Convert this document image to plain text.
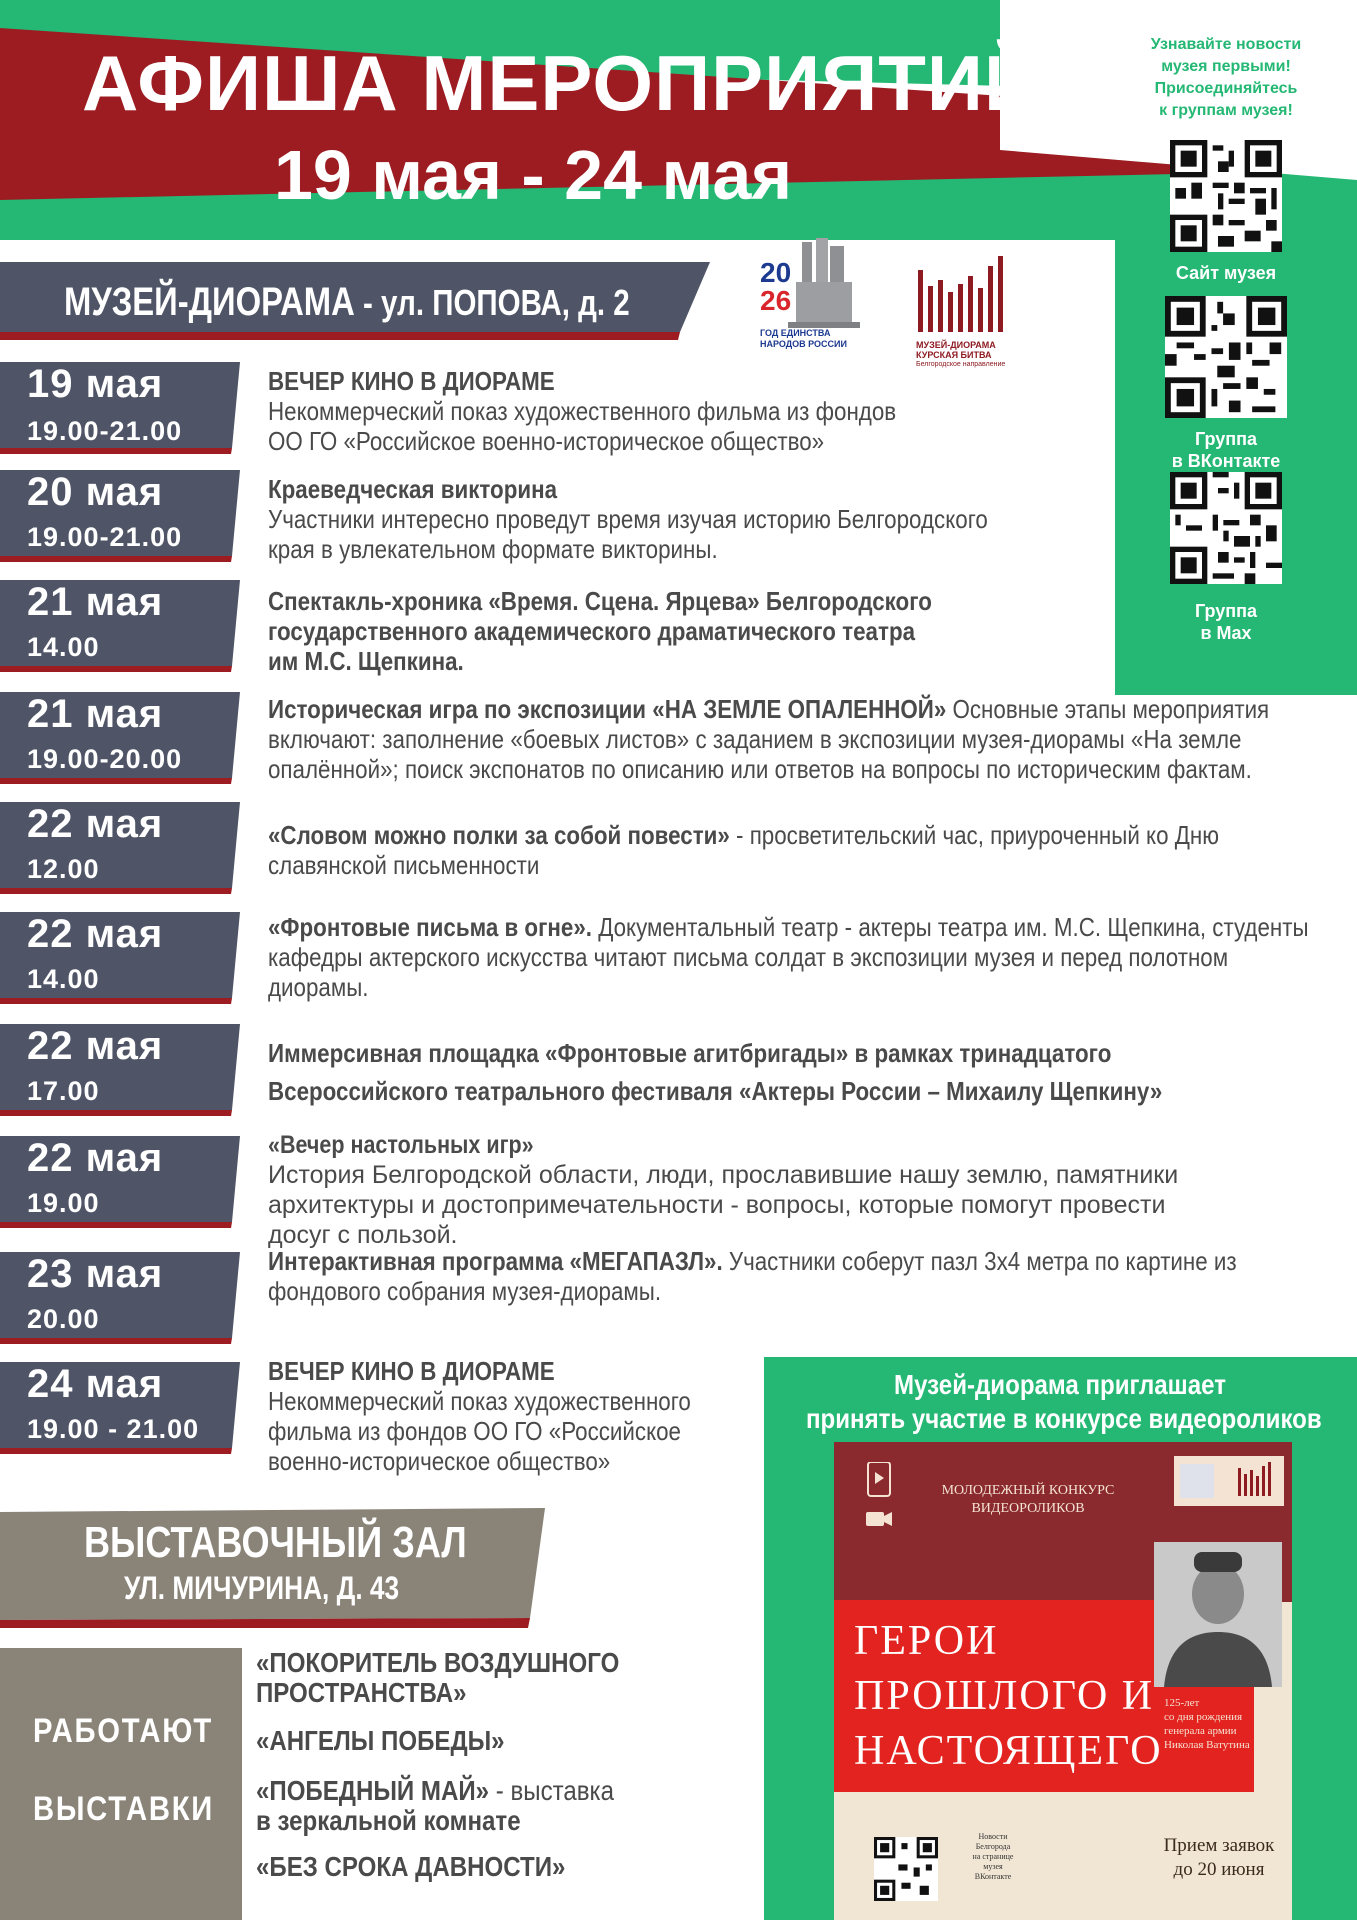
АФИША МЕРОПРИЯТИЙ
19 мая - 24 мая
Узнавайте новости
музея первыми!
Присоединяйтесь
к группам музея!
Сайт музея
Группа
в ВКонтакте
Группа
в Max
МУЗЕЙ-ДИОРАМА - ул. ПОПОВА, д. 2
20
26
ГОД ЕДИНСТВА
НАРОДОВ РОССИИ	МУЗЕЙ-ДИОРАМА
КУРСКАЯ БИТВА
Белгородское направление
19 мая
19.00-21.00
ВЕЧЕР КИНО В ДИОРАМЕ
Некоммерческий показ художественного фильма из фондов
ОО ГО «Российское военно-историческое общество»
20 мая
19.00-21.00
Краеведческая викторина
Участники интересно проведут время изучая историю Белгородского
края в увлекательном формате викторины.
21 мая
14.00
Спектакль-хроника «Время. Сцена. Ярцева» Белгородского
государственного академического драматического театра
им М.С. Щепкина.
21 мая
19.00-20.00
Историческая игра по экспозиции «НА ЗЕМЛЕ ОПАЛЕННОЙ» Основные этапы мероприятия
включают: заполнение «боевых листов» с заданием в экспозиции музея-диорамы «На земле
опалённой»; поиск экспонатов по описанию или ответов на вопросы по историческим фактам.
22 мая
12.00
«Словом можно полки за собой повести» - просветительский час, приуроченный ко Дню
славянской письменности
22 мая
14.00
«Фронтовые письма в огне». Документальный театр - актеры театра им. М.С. Щепкина, студенты
кафедры актерского искусства читают письма солдат в экспозиции музея и перед полотном
диорамы.
22 мая
17.00
Иммерсивная площадка «Фронтовые агитбригады» в рамках тринадцатого
Всероссийского театрального фестиваля «Актеры России – Михаилу Щепкину»
22 мая
19.00
«Вечер настольных игр»
История Белгородской области, люди, прославившие нашу землю, памятники
архитектуры и достопримечательности - вопросы, которые помогут провести
досуг с пользой.
23 мая
20.00
Интерактивная программа «МЕГАПАЗЛ». Участники соберут пазл 3х4 метра по картине из
фондового собрания музея-диорамы.
24 мая
19.00 - 21.00
ВЕЧЕР КИНО В ДИОРАМЕ
Некоммерческий показ художественного
фильма из фондов ОО ГО «Российское
военно-историческое общество»
ВЫСТАВОЧНЫЙ ЗАЛ
УЛ. МИЧУРИНА, Д. 43
РАБОТАЮТ
ВЫСТАВКИ
«ПОКОРИТЕЛЬ ВОЗДУШНОГО
ПРОСТРАНСТВА»
«АНГЕЛЫ ПОБЕДЫ»
«ПОБЕДНЫЙ МАЙ» - выставка
в зеркальной комнате
«БЕЗ СРОКА ДАВНОСТИ»
Музей-диорама приглашает
принять участие в конкурсе видеороликов
МОЛОДЕЖНЫЙ КОНКУРС
ВИДЕОРОЛИКОВ
ГЕРОИ
ПРОШЛОГО И
НАСТОЯЩЕГО
125-лет
со дня рождения
генерала армии
Николая Ватутина
Новости
Белгорода
на странице
музея
ВКонтакте
Прием заявок
до 20 июня
